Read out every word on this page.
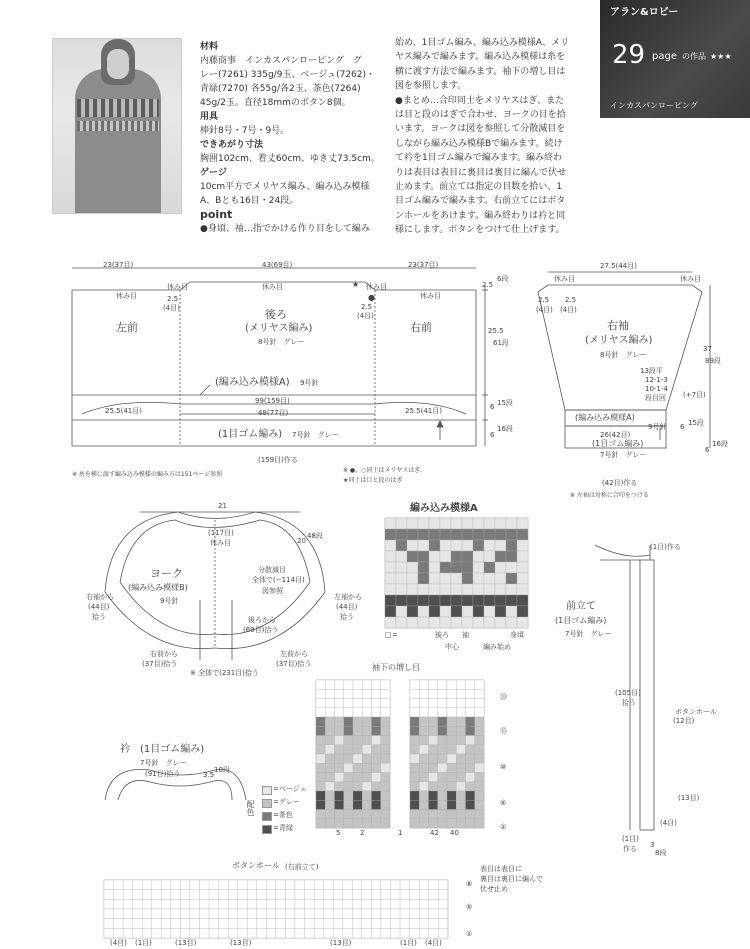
アラン&ロビー
29 page の作品 ★★★
インカスパンローピング
材料
内藤商事　インカスパンローピング　グ
レー(7261) 335g/9玉、ベージュ(7262)・
青緑(7270) 各55g/各2玉、茶色(7264)
45g/2玉。直径18mmのボタン8個。
用具
棒針8号・7号・9号。
できあがり寸法
胸囲102cm、着丈60cm、ゆき丈73.5cm。
ゲージ
10cm平方でメリヤス編み、編み込み模様
A、Bとも16目・24段。
point
●身頃、袖…指でかける作り目をして編み
始め、1目ゴム編み、編み込み模様A、メリ
ヤス編みで編みます。編み込み模様は糸を
横に渡す方法で編みます。袖下の増し目は
図を参照します。
●まとめ…合印同士をメリヤスはぎ、また
は目と段のはぎで合わせ、ヨークの目を拾
います。ヨークは図を参照して分散減目を
しながら編み込み模様Bで編みます。続け
て衿を1目ゴム編みで編みます。編み終わ
りは表目は表目に裏目は裏目に編んで伏せ
止めます。前立ては指定の目数を拾い、1
目ゴム編みで編みます。右前立てにはボタ
ンホールをあけます。編み終わりは衿と同
様にします。ボタンをつけて仕上げます。
23(37目)	43(69目)	23(37目)
休み目
休み目	休み目	休み目
休み目
2.5
(4目)	2.5
(4目)
★
●
左前
後ろ
(メリヤス編み)
8号針　グレー
右前
2.5
6段
25.5
61段
(編み込み模様A) 9号針
99(159目)
48(77目)
25.5(41目)	25.5(41目)	6 15段
(1目ゴム編み) 7号針　グレー	6
16段
(159目)作る
※ 糸を横に渡す編み込み模様の編み方は151ページ参照
※ ●、○同士はメリヤスはぎ、
★同士は目と段のはぎ
27.5(44目)
休み目	休み目
2.5 2.5
(4目) (4目)
右袖
(メリヤス編み)
8号針　グレー
13段平
12-1-3
10-1-4
段目回 (+7目)
37
89段
(編み込み模様A)
9号針
26(42目)
(1目ゴム編み)
7号針　グレー
6 15段
6
16段
(42目)作る
※ 左袖は対称に合印をつける
21
(117目)
休み目	20
48段
ヨーク
(編み込み模様B)
9号針
分散減目
全体で(−114目)
図参照
後ろから
(69目)拾う
左袖から
(44目)
拾う
右袖から
(44目)
拾う
右前から
(37目)拾う
左前から
(37目)拾う
※ 全体で(231目)拾う
編み込み模様A
□ =	後ろ 袖	身頃
中心	編み始め
袖下の増し目
⑳
⑮
⑩
⑤
①
5	2	1	42 40
配色
=ベージュ
=グレー
=茶色
=青緑
衿　(1目ゴム編み)
7号針　グレー
(91目)拾う	3.5
10段
(1目)作る
前立て
(1目ゴム編み)
7号針　グレー
(105目)
拾う
ボタンホール
(12目)
(13目)
(4目)
(1目)
作る 3
8段
ボタンホール (右前立て)	表目は表目に
裏目は裏目に編んで
伏せ止め
⑧
⑤
①
(4目) (1目)	(13目)	(13目)	(13目)	(1目) (4目)
